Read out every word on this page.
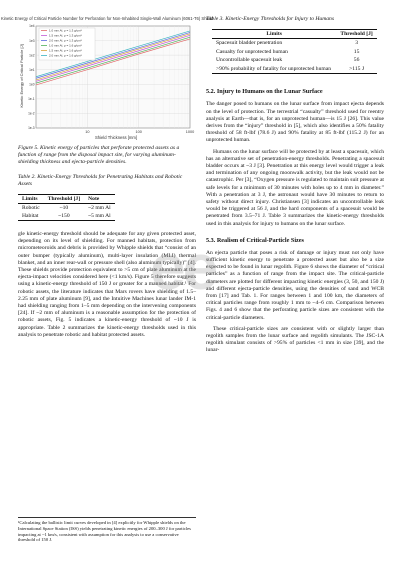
Kinetic Energy of Critical Particle Number for Perforation for Non-Inhabited Single-Wall Aluminum (6061-T6) Shield
1.0 mm Al, ρ = 1.3 g/cm³
1.5 mm Al, ρ = 1.3 g/cm³
2.0 mm Al, ρ = 1.3 g/cm³
1.0 mm Al, ρ = 1.6 g/cm³
1.5 mm Al, ρ = 1.6 g/cm³
2.0 mm Al, ρ = 1.6 g/cm³
10	100	1000
1e4
1e3
1e2
1e1
1e0
1e-1
1e-2
1e-3
Shield Thickness [mm]
Kinetic Energy of Critical Particle [J]
Figure 5. Kinetic energy of particles that perforate protected assets as a function of range from the disposal impact site, for varying aluminum-shielding thickness and ejecta-particle densities.
Table 2. Kinetic-Energy Thresholds for Penetrating Habitats and Robotic Assets
Limits	Threshold [J]	Note
Robotic	~10	~2 mm Al
Habitat	~150	~5 mm Al

gle kinetic-energy threshold should be adequate for any given protected asset, depending on its level of shielding. For manned habitats, protection from micrometeoroids and debris is provided by Whipple shields that “consist of an outer bumper (typically aluminum), multi-layer insulation (MLI) thermal blanket, and an inner rear-wall or pressure shell (also aluminum typically)” [4]. These shields provide protection equivalent to >5 cm of plate aluminum at the ejecta-impact velocities considered here (<1 km/s). Figure 5 therefore suggests using a kinetic-energy threshold of 150 J or greater for a manned habitat.¹ For robotic assets, the literature indicates that Mars rovers have shielding of 1.5–2.25 mm of plate aluminum [9], and the Intuitive Machines lunar lander IM-1 had shielding ranging from 1–5 mm depending on the intervening components [24]. If ~2 mm of aluminum is a reasonable assumption for the protection of robotic assets, Fig. 5 indicates a kinetic-energy threshold of ~10 J is appropriate. Table 2 summarizes the kinetic-energy thresholds used in this analysis to penetrate robotic and habitat protected assets.

¹Calculating the ballistic limit curves developed in [4] explicitly for Whipple shields on the International Space Station (ISS) yields penetrating kinetic energies of 200–300 J for particles impacting at ~1 km/s, consistent with assumption for this analysis to use a conservative threshold of 150 J.
Table 3. Kinetic-Energy Thresholds for Injury to Humans
Limits	Threshold [J]
Spacesuit bladder penetration	3
Casualty for unprotected human	15
Uncontrollable spacesuit leak	56
>90% probability of fatality for unprotected human	>115 J
5.2. Injury to Humans on the Lunar Surface

The danger posed to humans on the lunar surface from impact ejecta depends on the level of protection. The terrestrial “casualty” threshold used for reentry analysis at Earth—that is, for an unprotected human—is 15 J [26]. This value derives from the “injury” threshold in [5], which also identifies a 50% fatality threshold of 58 ft-lbf (78.6 J) and 90% fatality at 85 ft-lbf (115.2 J) for an unprotected human.

Humans on the lunar surface will be protected by at least a spacesuit, which has an alternative set of penetration-energy thresholds. Penetrating a spacesuit bladder occurs at ~3 J [3]. Penetration at this energy level would trigger a leak and termination of any ongoing moonwalk activity, but the leak would not be catastrophic. Per [3], “Oxygen pressure is regulated to maintain suit pressure at safe levels for a minimum of 30 minutes with holes up to 4 mm in diameter.” With a penetration at 3 J, the astronaut would have 30 minutes to return to safety without direct injury. Christiansen [3] indicates an uncontrollable leak would be triggered at 56 J, and the hard components of a spacesuit would be penetrated from 3.5–71 J. Table 3 summarizes the kinetic-energy thresholds used in this analysis for injury to humans on the lunar surface.

5.3. Realism of Critical-Particle Sizes

An ejecta particle that poses a risk of damage or injury must not only have sufficient kinetic energy to penetrate a protected asset but also be a size expected to be found in lunar regolith. Figure 6 shows the diameter of “critical particles” as a function of range from the impact site. The critical-particle diameters are plotted for different impacting kinetic energies (3, 50, and 150 J) and different ejecta-particle densities, using the densities of sand and WCB from [17] and Tab. 1. For ranges between 1 and 100 km, the diameters of critical particles range from roughly 1 mm to ~4–6 cm. Comparison between Figs. 4 and 6 show that the perforating particle sizes are consistent with the critical-particle diameters.

These critical-particle sizes are consistent with or slightly larger than regolith samples from the lunar surface and regolith simulants. The JSC-1A regolith simulant consists of >95% of particles <1 mm in size [39], and the lunar-

ee
